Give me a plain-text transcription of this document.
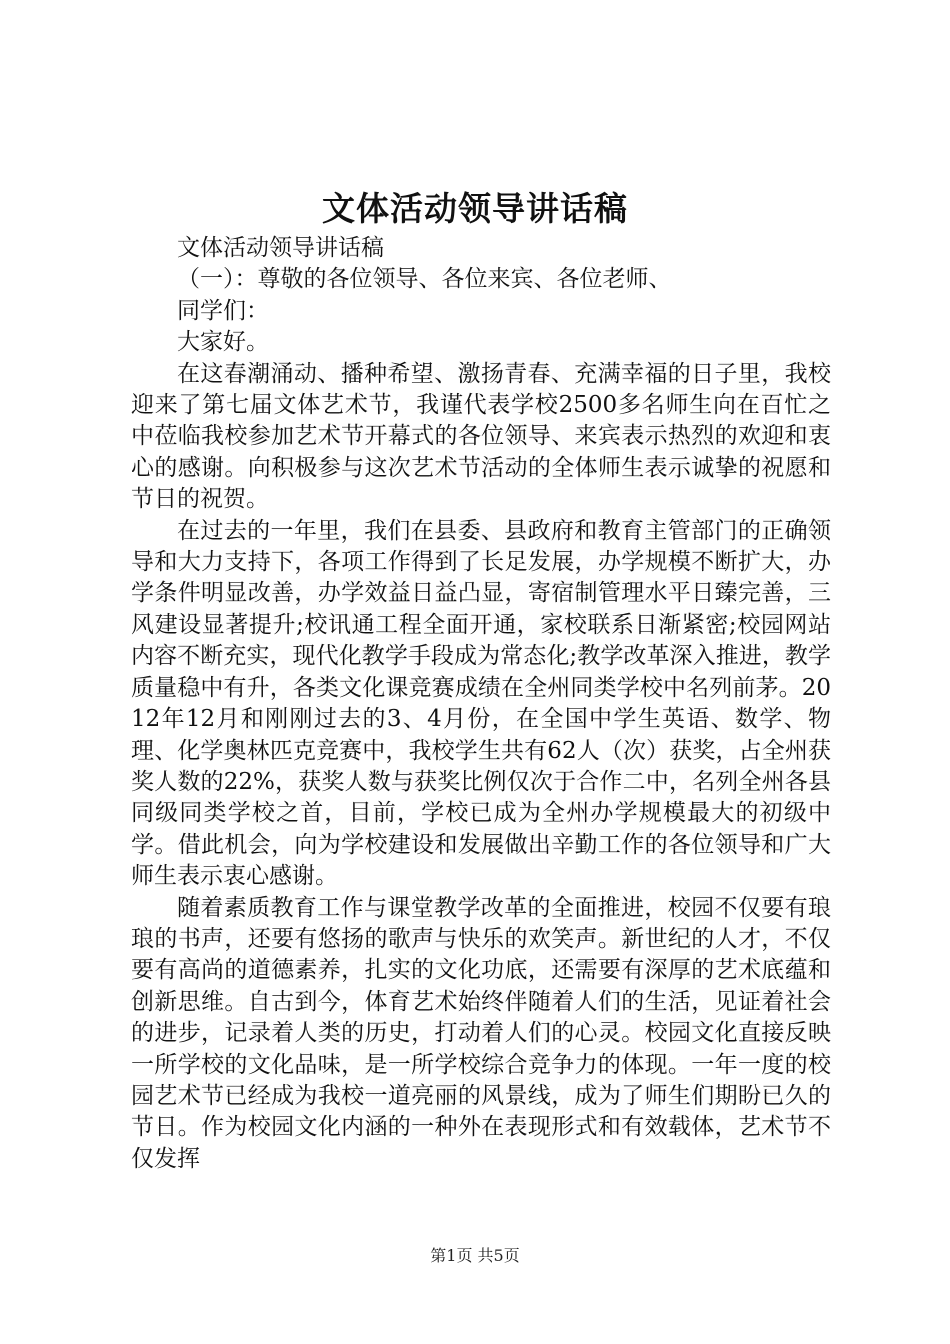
文体活动领导讲话稿

文体活动领导讲话稿

（一）：尊敬的各位领导、各位来宾、各位老师、

同学们：

大家好。

在这春潮涌动、播种希望、激扬青春、充满幸福的日子里，我校迎来了第七届文体艺术节，我谨代表学校2500多名师生向在百忙之中莅临我校参加艺术节开幕式的各位领导、来宾表示热烈的欢迎和衷心的感谢。向积极参与这次艺术节活动的全体师生表示诚挚的祝愿和节日的祝贺。

在过去的一年里，我们在县委、县政府和教育主管部门的正确领导和大力支持下，各项工作得到了长足发展，办学规模不断扩大，办学条件明显改善，办学效益日益凸显，寄宿制管理水平日臻完善，三风建设显著提升;校讯通工程全面开通，家校联系日渐紧密;校园网站内容不断充实，现代化教学手段成为常态化;教学改革深入推进，教学质量稳中有升，各类文化课竞赛成绩在全州同类学校中名列前茅。2012年12月和刚刚过去的3、4月份，在全国中学生英语、数学、物理、化学奥林匹克竞赛中，我校学生共有62人（次）获奖，占全州获奖人数的22%，获奖人数与获奖比例仅次于合作二中，名列全州各县同级同类学校之首，目前，学校已成为全州办学规模最大的初级中学。借此机会，向为学校建设和发展做出辛勤工作的各位领导和广大师生表示衷心感谢。

随着素质教育工作与课堂教学改革的全面推进，校园不仅要有琅琅的书声，还要有悠扬的歌声与快乐的欢笑声。新世纪的人才，不仅要有高尚的道德素养，扎实的文化功底，还需要有深厚的艺术底蕴和创新思维。自古到今，体育艺术始终伴随着人们的生活，见证着社会的进步，记录着人类的历史，打动着人们的心灵。校园文化直接反映一所学校的文化品味，是一所学校综合竞争力的体现。一年一度的校园艺术节已经成为我校一道亮丽的风景线，成为了师生们期盼已久的节日。作为校园文化内涵的一种外在表现形式和有效载体，艺术节不仅发挥

第1页 共5页
